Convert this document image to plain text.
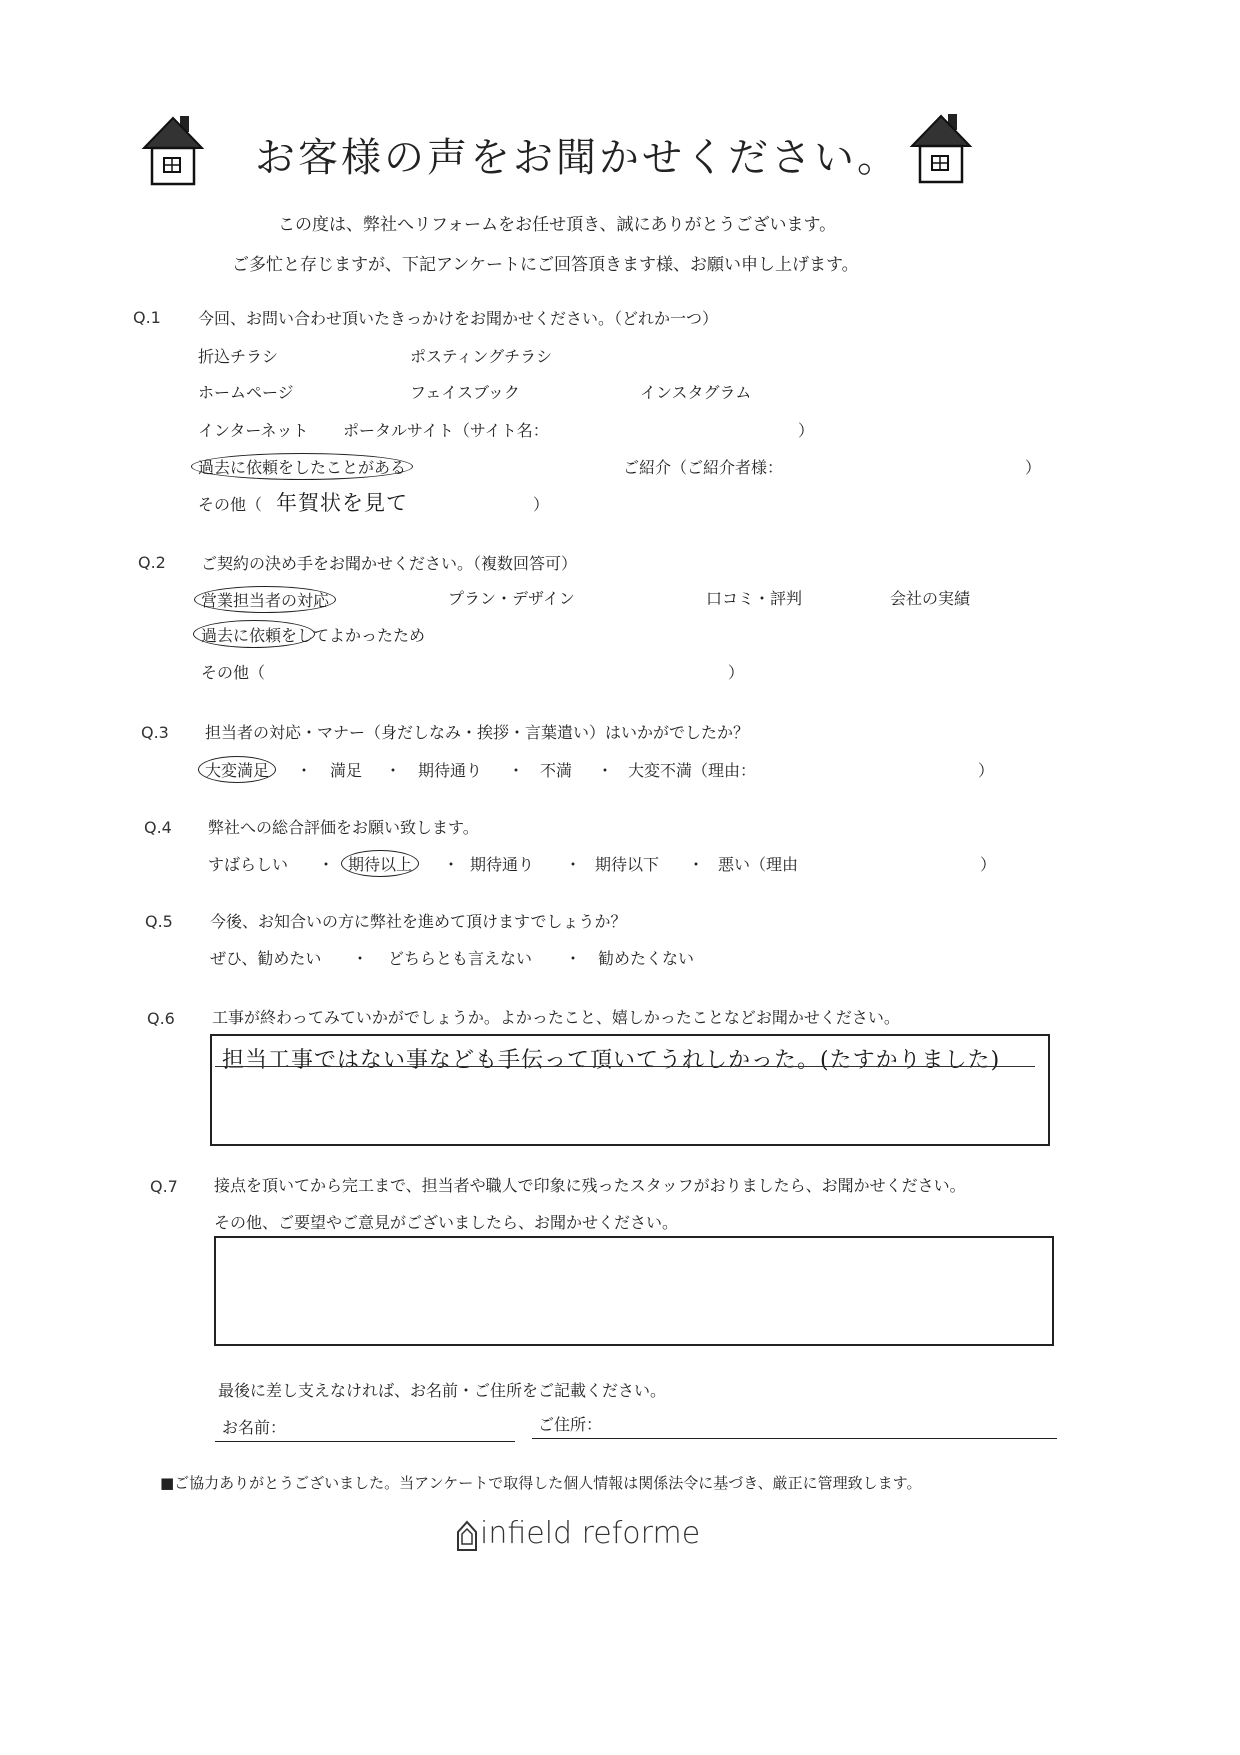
お客様の声をお聞かせください。
この度は、弊社へリフォームをお任せ頂き、誠にありがとうございます。
ご多忙と存じますが、下記アンケートにご回答頂きます様、お願い申し上げます。
Q.1 今回、お問い合わせ頂いたきっかけをお聞かせください。（どれか一つ）
折込チラシ	ポスティングチラシ
ホームページ	フェイスブック	インスタグラム
インターネット ポータルサイト（サイト名：	）
過去に依頼をしたことがある	ご紹介（ご紹介者様：	）
その他（ 年賀状を見て	）
Q.2 ご契約の決め手をお聞かせください。（複数回答可）
営業担当者の対応	プラン・デザイン	口コミ・評判	会社の実績
過去に依頼をしてよかったため
その他（	）
Q.3 担当者の対応・マナー（身だしなみ・挨拶・言葉遣い）はいかがでしたか？
大変満足	・ 満足 ・ 期待通り ・ 不満 ・ 大変不満（理由：	）
Q.4 弊社への総合評価をお願い致します。
すばらしい ・ 期待以上	・ 期待通り ・ 期待以下 ・ 悪い（理由	）
Q.5 今後、お知合いの方に弊社を進めて頂けますでしょうか？
ぜひ、勧めたい ・ どちらとも言えない ・ 勧めたくない
Q.6 工事が終わってみていかがでしょうか。よかったこと、嬉しかったことなどお聞かせください。
担当工事ではない事なども手伝って頂いてうれしかった。(たすかりました)
Q.7 接点を頂いてから完工まで、担当者や職人で印象に残ったスタッフがおりましたら、お聞かせください。
その他、ご要望やご意見がございましたら、お聞かせください。
最後に差し支えなければ、お名前・ご住所をご記載ください。
お名前：	ご住所：
■ご協力ありがとうございました。当アンケートで取得した個人情報は関係法令に基づき、厳正に管理致します。
infield reforme
